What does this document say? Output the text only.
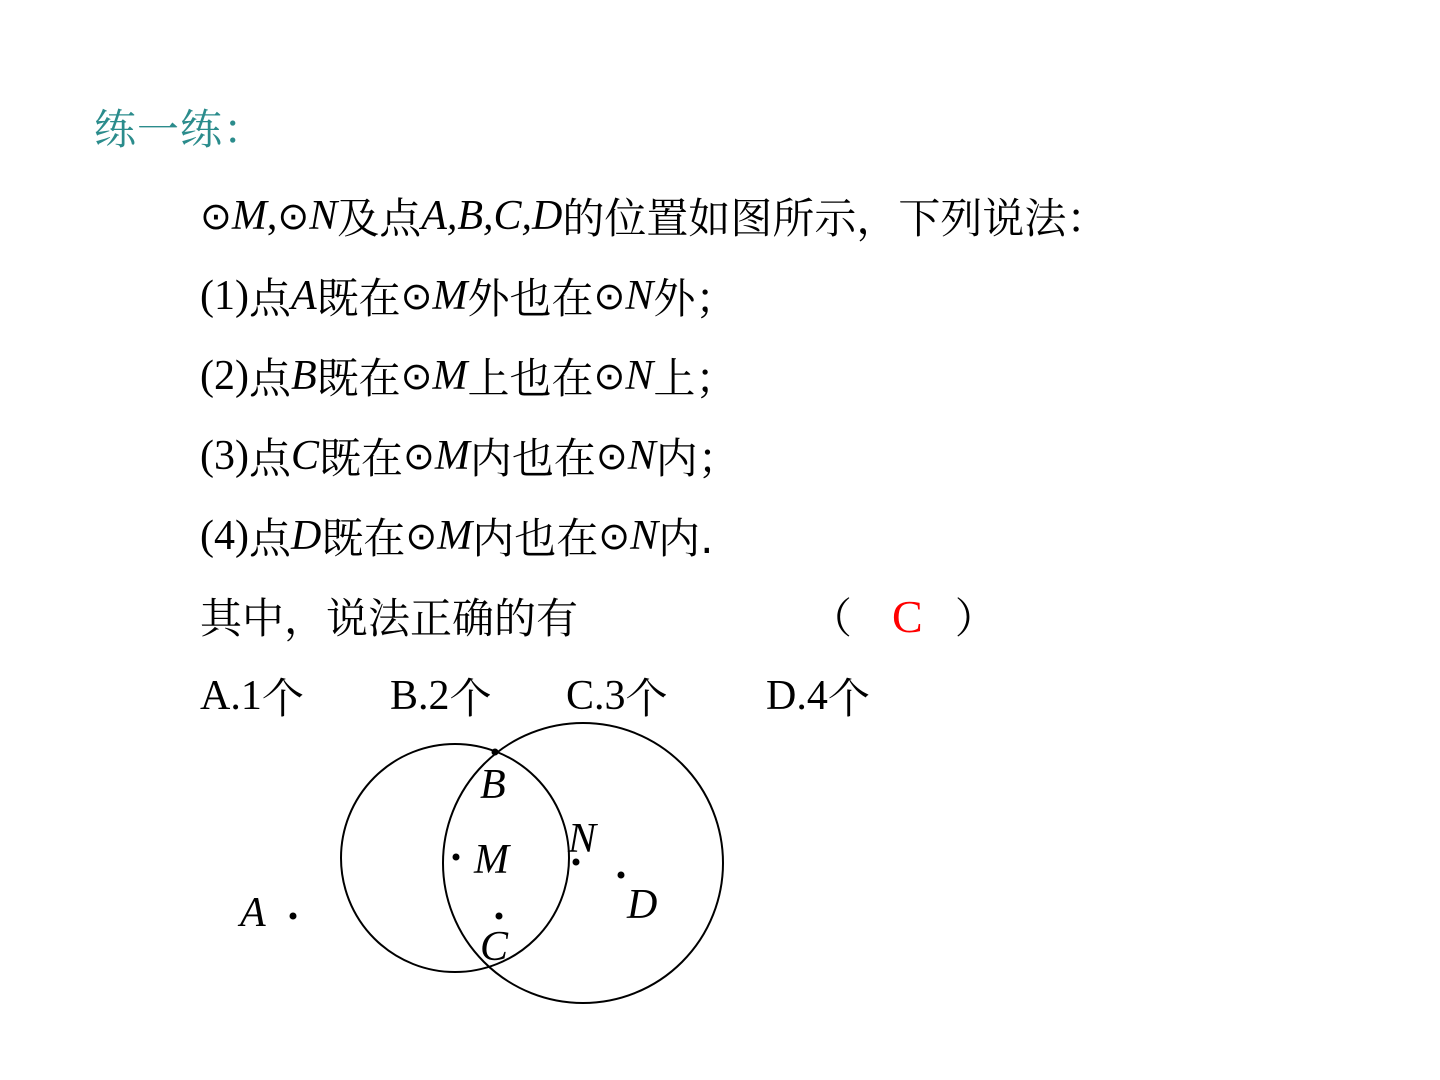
练一练：
⊙ M , ⊙ N 及点 A,B,C,D 的位置如图所示，下列说法：
(1) 点 A 既在 ⊙ M 外也在 ⊙ N 外；
(2) 点 B 既在 ⊙ M 上也在 ⊙ N 上；
(3) 点 C 既在 ⊙ M 内也在 ⊙ N 内；
(4) 点 D 既在 ⊙ M 内也在 ⊙ N 内.
其中，说法正确的有	（ C ）
A.1 个 B.2 个 C.3 个 D.4 个
A
B
M N
C
D
